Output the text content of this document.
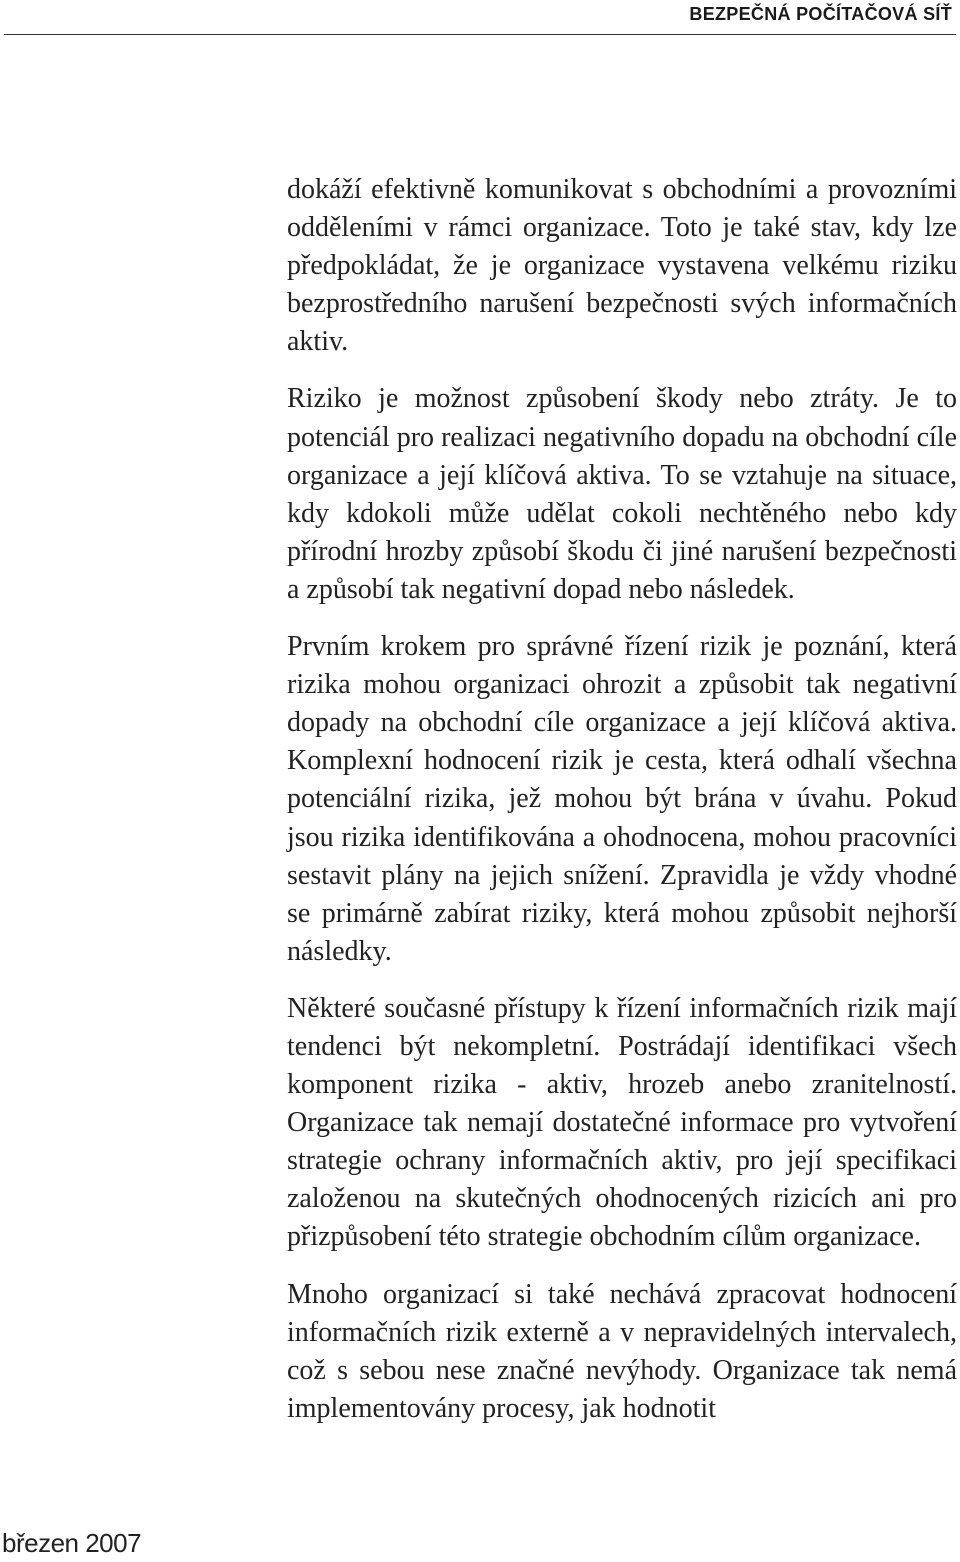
BEZPEČNÁ POČÍTAČOVÁ SÍŤ

dokáží efektivně komunikovat s obchodními a provozními odděleními v rámci organizace. Toto je také stav, kdy lze předpokládat, že je organizace vystavena velkému riziku bezprostředního narušení bezpečnosti svých informačních aktiv.

Riziko je možnost způsobení škody nebo ztráty. Je to potenciál pro realizaci negativního dopadu na obchodní cíle organizace a její klíčová aktiva. To se vztahuje na situace, kdy kdokoli může udělat cokoli nechtěného nebo kdy přírodní hrozby způsobí škodu či jiné narušení bezpečnosti a způsobí tak negativní dopad nebo následek.

Prvním krokem pro správné řízení rizik je poznání, která rizika mohou organizaci ohrozit a způsobit tak negativní dopady na obchodní cíle organizace a její klíčová aktiva. Komplexní hodnocení rizik je cesta, která odhalí všechna potenciální rizika, jež mohou být brána v úvahu. Pokud jsou rizika identifikována a ohodnocena, mohou pracovníci sestavit plány na jejich snížení. Zpravidla je vždy vhodné se primárně zabírat riziky, která mohou způsobit nejhorší následky.

Některé současné přístupy k řízení informačních rizik mají tendenci být nekompletní. Postrádají identifikaci všech komponent rizika - aktiv, hrozeb anebo zranitelností. Organizace tak nemají dostatečné informace pro vytvoření strategie ochrany informačních aktiv, pro její specifikaci založenou na skutečných ohodnocených rizicích ani pro přizpůsobení této strategie obchodním cílům organizace.

Mnoho organizací si také nechává zpracovat hodnocení informačních rizik externě a v nepravidelných intervalech, což s sebou nese značné nevýhody. Organizace tak nemá implementovány procesy, jak hodnotit

březen 2007
